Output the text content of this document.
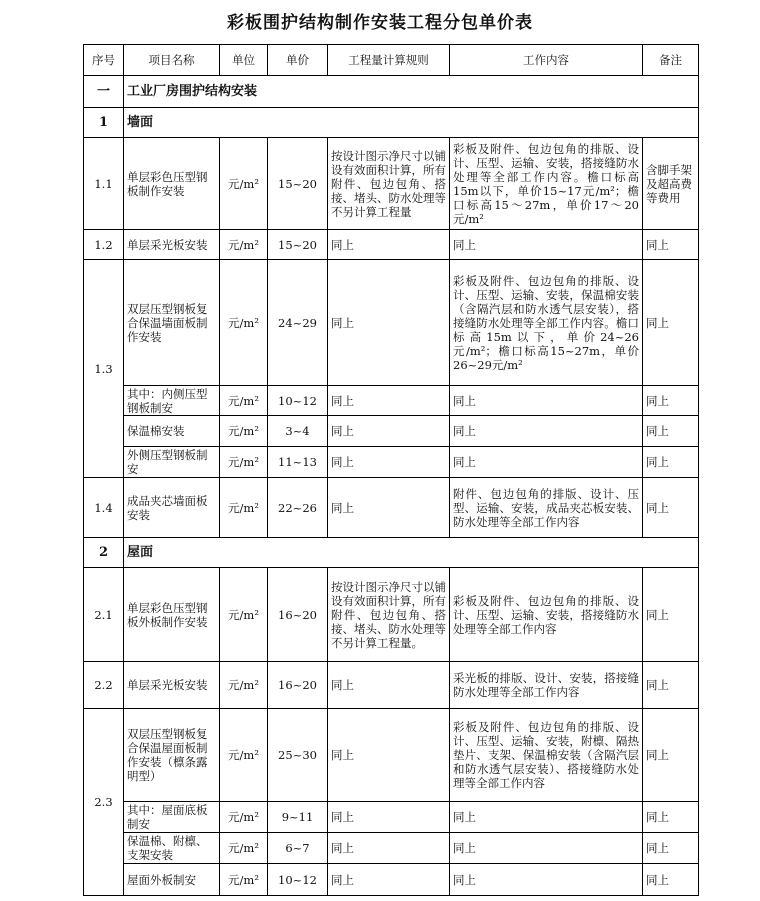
彩板围护结构制作安装工程分包单价表
序号	项目名称	单位	单价	工程量计算规则	工作内容	备注
一	工业厂房围护结构安装					
1	墙面					
1.1	单层彩色压型钢板制作安装	元/m²	15~20	按设计图示净尺寸以铺设有效面积计算，所有附件、包边包角、搭接、堵头、防水处理等不另计算工程量	彩板及附件、包边包角的排版、设计、压型、运输、安装，搭接缝防水处理等全部工作内容。檐口标高15m以下，单价15~17元/m²；檐口标高15～27m，单价17～20元/m²	含脚手架及超高费等费用
1.2	单层采光板安装	元/m²	15~20	同上	同上	同上
1.3	双层压型钢板复合保温墙面板制作安装	元/m²	24~29	同上	彩板及附件、包边包角的排版、设计、压型、运输、安装，保温棉安装（含隔汽层和防水透气层安装），搭接缝防水处理等全部工作内容。檐口标高15m以下，单价24~26元/m²；檐口标高15~27m，单价26~29元/m²	同上
	其中：内侧压型钢板制安	元/m²	10~12	同上	同上	同上
	保温棉安装	元/m²	3~4	同上	同上	同上
	外侧压型钢板制安	元/m²	11~13	同上	同上	同上
1.4	成品夹芯墙面板安装	元/m²	22~26	同上	附件、包边包角的排版、设计、压型、运输、安装，成品夹芯板安装、防水处理等全部工作内容	同上
2	屋面					
2.1	单层彩色压型钢板外板制作安装	元/m²	16~20	按设计图示净尺寸以铺设有效面积计算，所有附件、包边包角、搭接、堵头、防水处理等不另计算工程量。	彩板及附件、包边包角的排版、设计、压型、运输、安装，搭接缝防水处理等全部工作内容	同上
2.2	单层采光板安装	元/m²	16~20	同上	采光板的排版、设计、安装，搭接缝防水处理等全部工作内容	同上
2.3	双层压型钢板复合保温屋面板制作安装（檩条露明型）	元/m²	25~30	同上	彩板及附件、包边包角的排版、设计、压型、运输、安装，附檩、隔热垫片、支架、保温棉安装（含隔汽层和防水透气层安装）、搭接缝防水处理等全部工作内容	同上
	其中：屋面底板制安	元/m²	9~11	同上	同上	同上
	保温棉、附檩、支架安装	元/m²	6~7	同上	同上	同上
	屋面外板制安	元/m²	10~12	同上	同上	同上
